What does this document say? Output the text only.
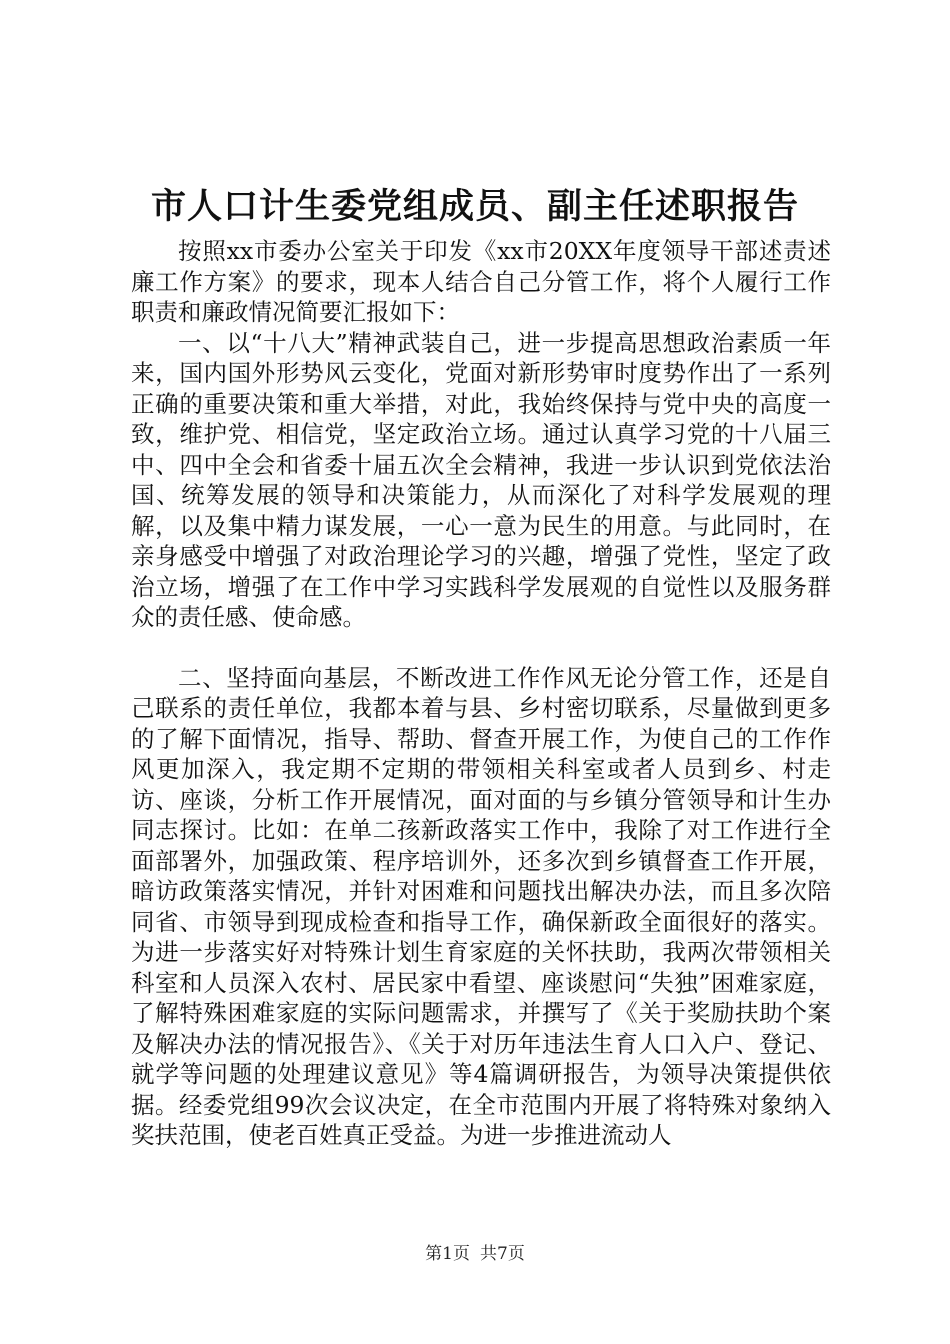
市人口计生委党组成员、副主任述职报告

按照xx市委办公室关于印发《xx市20XX年度领导干部述责述廉工作方案》的要求，现本人结合自己分管工作，将个人履行工作职责和廉政情况简要汇报如下：

一、以“十八大”精神武装自己，进一步提高思想政治素质一年来，国内国外形势风云变化，党面对新形势审时度势作出了一系列正确的重要决策和重大举措，对此，我始终保持与党中央的高度一致，维护党、相信党，坚定政治立场。通过认真学习党的十八届三中、四中全会和省委十届五次全会精神，我进一步认识到党依法治国、统筹发展的领导和决策能力，从而深化了对科学发展观的理解，以及集中精力谋发展，一心一意为民生的用意。与此同时，在亲身感受中增强了对政治理论学习的兴趣，增强了党性，坚定了政治立场，增强了在工作中学习实践科学发展观的自觉性以及服务群众的责任感、使命感。

二、坚持面向基层，不断改进工作作风无论分管工作，还是自己联系的责任单位，我都本着与县、乡村密切联系，尽量做到更多的了解下面情况，指导、帮助、督查开展工作，为使自己的工作作风更加深入，我定期不定期的带领相关科室或者人员到乡、村走访、座谈，分析工作开展情况，面对面的与乡镇分管领导和计生办同志探讨。比如：在单二孩新政落实工作中，我除了对工作进行全面部署外，加强政策、程序培训外，还多次到乡镇督查工作开展，暗访政策落实情况，并针对困难和问题找出解决办法，而且多次陪同省、市领导到现成检查和指导工作，确保新政全面很好的落实。为进一步落实好对特殊计划生育家庭的关怀扶助，我两次带领相关科室和人员深入农村、居民家中看望、座谈慰问“失独”困难家庭，了解特殊困难家庭的实际问题需求，并撰写了《关于奖励扶助个案及解决办法的情况报告》、《关于对历年违法生育人口入户、登记、就学等问题的处理建议意见》等4篇调研报告，为领导决策提供依据。经委党组99次会议决定，在全市范围内开展了将特殊对象纳入奖扶范围，使老百姓真正受益。为进一步推进流动人

第1页 共7页
